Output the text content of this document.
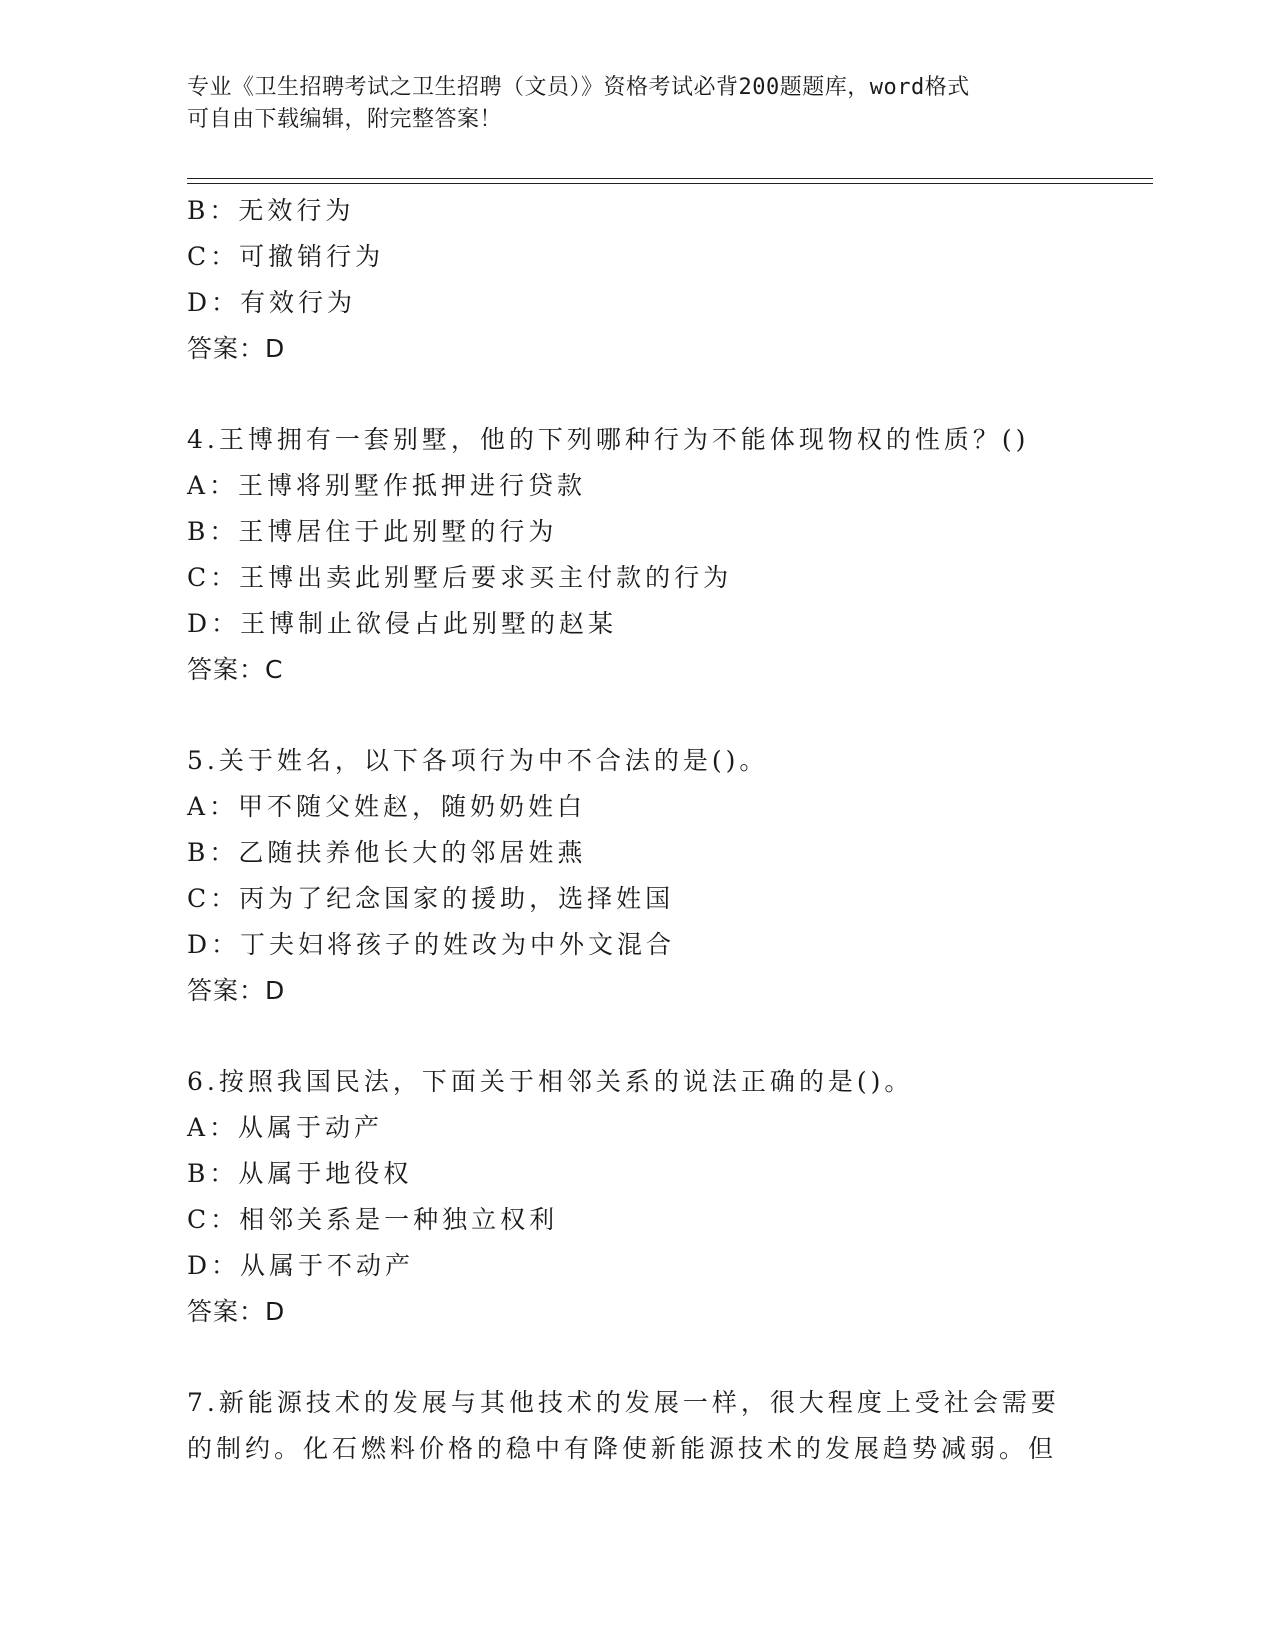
专业《卫生招聘考试之卫生招聘（文员）》资格考试必背200题题库，word格式
可自由下载编辑，附完整答案！
B：无效行为
C：可撤销行为
D：有效行为
答案：D
4.王博拥有一套别墅，他的下列哪种行为不能体现物权的性质？()
A：王博将别墅作抵押进行贷款
B：王博居住于此别墅的行为
C：王博出卖此别墅后要求买主付款的行为
D：王博制止欲侵占此别墅的赵某
答案：C
5.关于姓名，以下各项行为中不合法的是()。
A：甲不随父姓赵，随奶奶姓白
B：乙随扶养他长大的邻居姓燕
C：丙为了纪念国家的援助，选择姓国
D：丁夫妇将孩子的姓改为中外文混合
答案：D
6.按照我国民法，下面关于相邻关系的说法正确的是()。
A：从属于动产
B：从属于地役权
C：相邻关系是一种独立权利
D：从属于不动产
答案：D
7.新能源技术的发展与其他技术的发展一样，很大程度上受社会需要
的制约。化石燃料价格的稳中有降使新能源技术的发展趋势减弱。但
